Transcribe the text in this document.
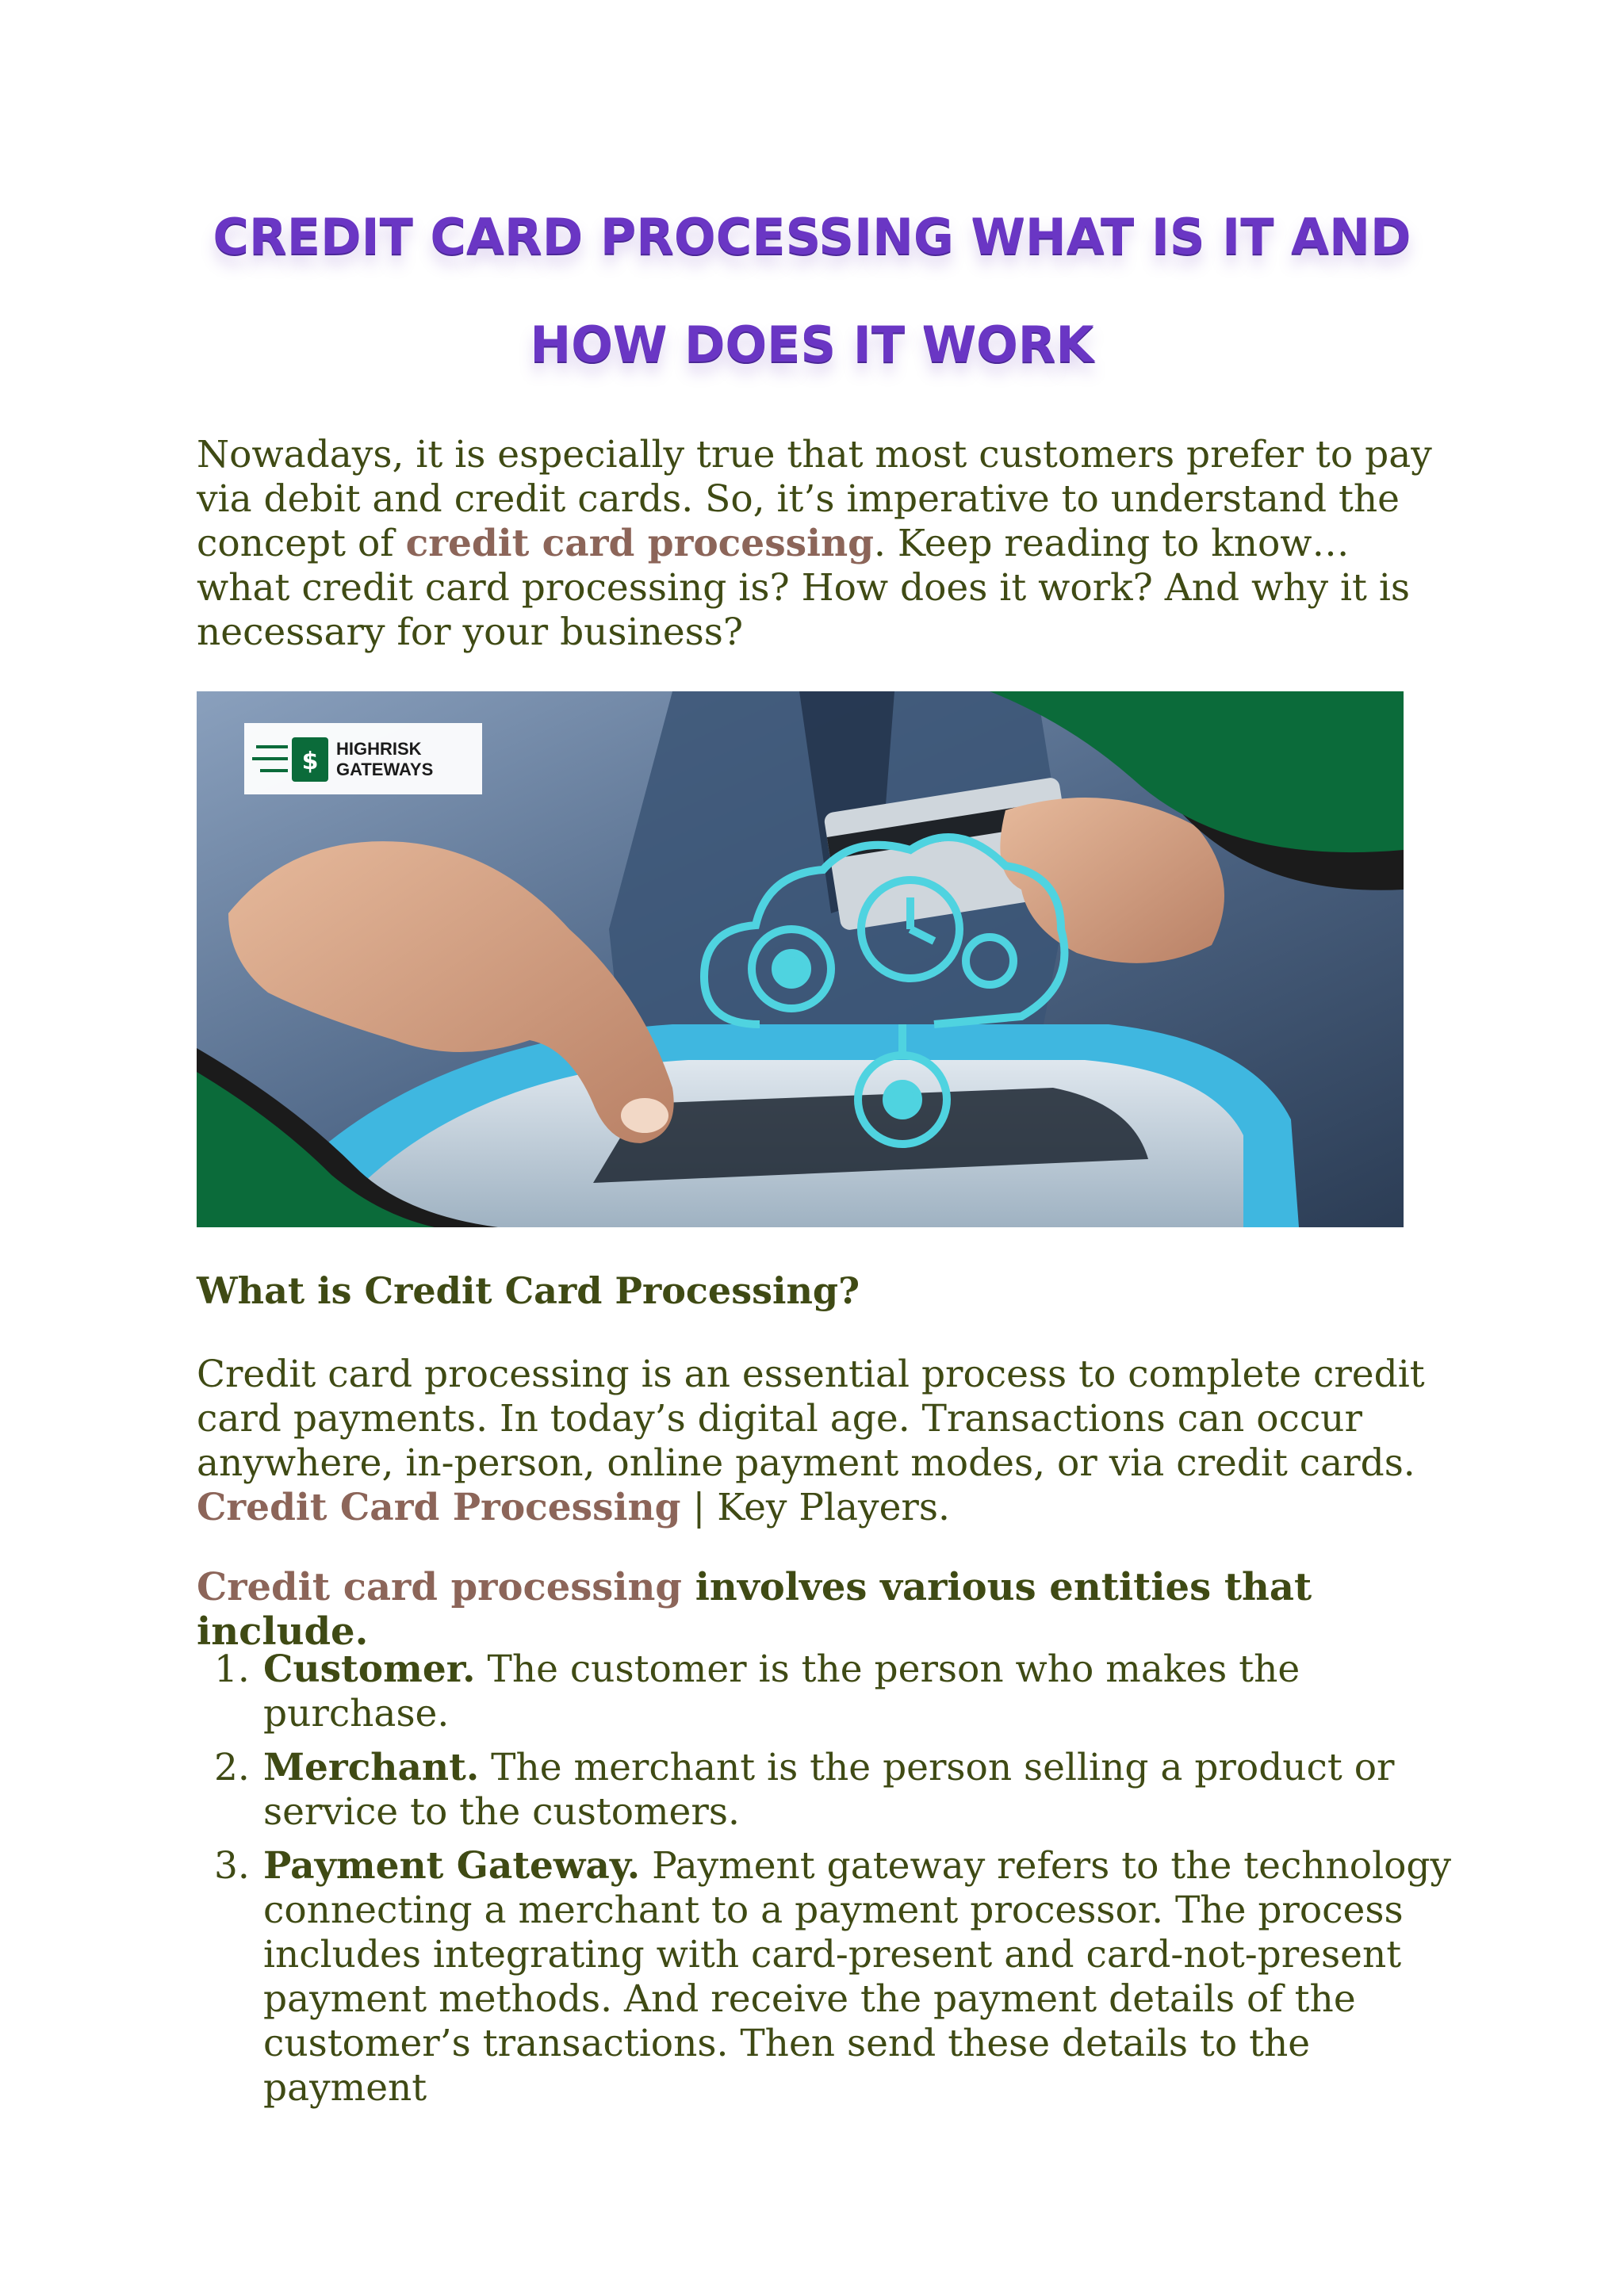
CREDIT CARD PROCESSING WHAT IS IT AND
HOW DOES IT WORK

Nowadays, it is especially true that most customers prefer to pay via debit and credit cards. So, it’s imperative to understand the concept of credit card processing. Keep reading to know…what credit card processing is? How does it work? And why it is necessary for your business?

$ HIGHRISK
GATEWAYS
What is Credit Card Processing?

Credit card processing is an essential process to complete credit card payments. In today’s digital age. Transactions can occur anywhere, in-person, online payment modes, or via credit cards. Credit Card Processing | Key Players.

Credit card processing involves various entities that include.

1. Customer. The customer is the person who makes the purchase.
2. Merchant. The merchant is the person selling a product or service to the customers.
3. Payment Gateway. Payment gateway refers to the technology connecting a merchant to a payment processor. The process includes integrating with card-present and card-not-present payment methods. And receive the payment details of the customer’s transactions. Then send these details to the payment
